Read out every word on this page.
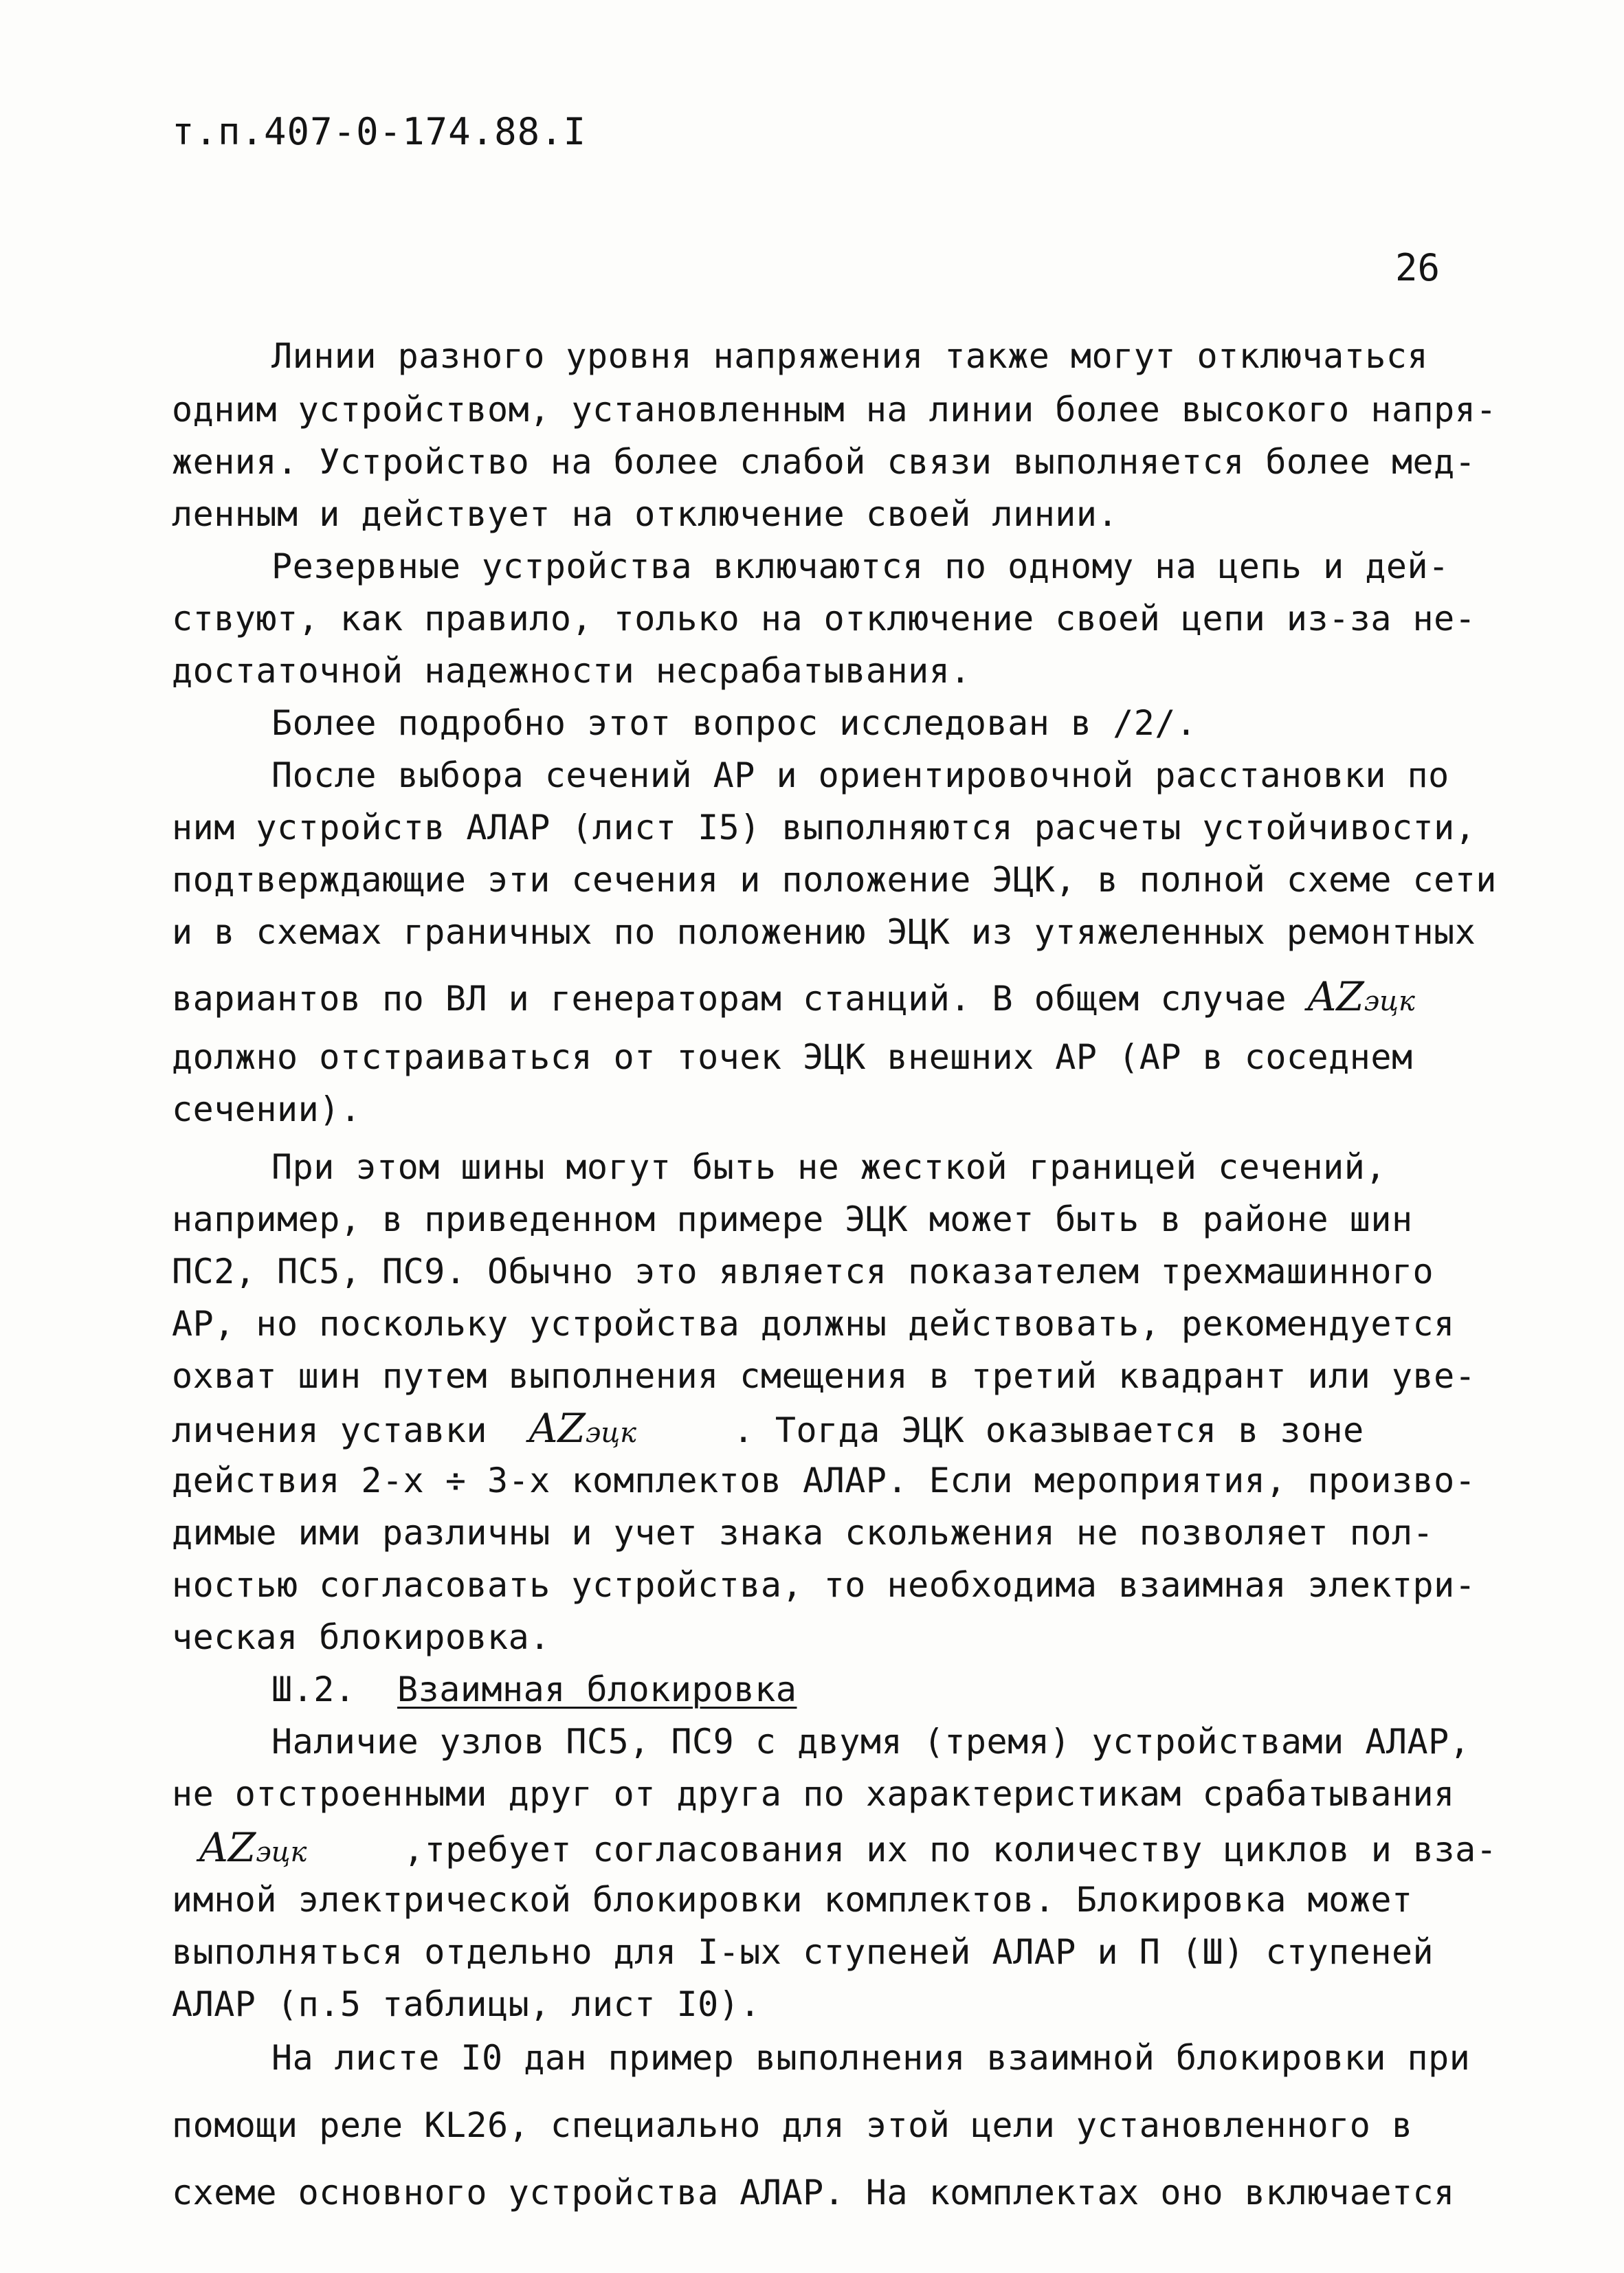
т.п.407-0-174.88.I
26
Линии разного уровня напряжения также могут отключаться
одним устройством, установленным на линии более высокого напря-
жения. Устройство на более слабой связи выполняется более мед-
ленным и действует на отключение своей линии.
Резервные устройства включаются по одному на цепь и дей-
ствуют, как правило, только на отключение своей цепи из-за не-
достаточной надежности несрабатывания.
Более подробно этот вопрос исследован в /2/.
После выбора сечений АР и ориентировочной расстановки по
ним устройств АЛАР (лист I5) выполняются расчеты устойчивости,
подтверждающие эти сечения и положение ЭЦК, в полной схеме сети
и в схемах граничных по положению ЭЦК из утяжеленных ремонтных
вариантов по ВЛ и генераторам станций. В общем случае AZэцк
должно отстраиваться от точек ЭЦК внешних АР (АР в соседнем
сечении).
При этом шины могут быть не жесткой границей сечений,
например, в приведенном примере ЭЦК может быть в районе шин
ПС2, ПС5, ПС9. Обычно это является показателем трехмашинного
АР, но поскольку устройства должны действовать, рекомендуется
охват шин путем выполнения смещения в третий квадрант или уве-
личения уставки AZэцк	. Тогда ЭЦК оказывается в зоне
действия 2-х ÷ 3-х комплектов АЛАР. Если мероприятия, произво-
димые ими различны и учет знака скольжения не позволяет пол-
ностью согласовать устройства, то необходима взаимная электри-
ческая блокировка.
Ш.2. Взаимная блокировка
Наличие узлов ПС5, ПС9 с двумя (тремя) устройствами АЛАР,
не отстроенными друг от друга по характеристикам срабатывания
AZэцк	,требует согласования их по количеству циклов и вза-
имной электрической блокировки комплектов. Блокировка может
выполняться отдельно для I-ых ступеней АЛАР и П (Ш) ступеней
АЛАР (п.5 таблицы, лист I0).
На листе I0 дан пример выполнения взаимной блокировки при
помощи реле КL26, специально для этой цели установленного в
схеме основного устройства АЛАР. На комплектах оно включается
